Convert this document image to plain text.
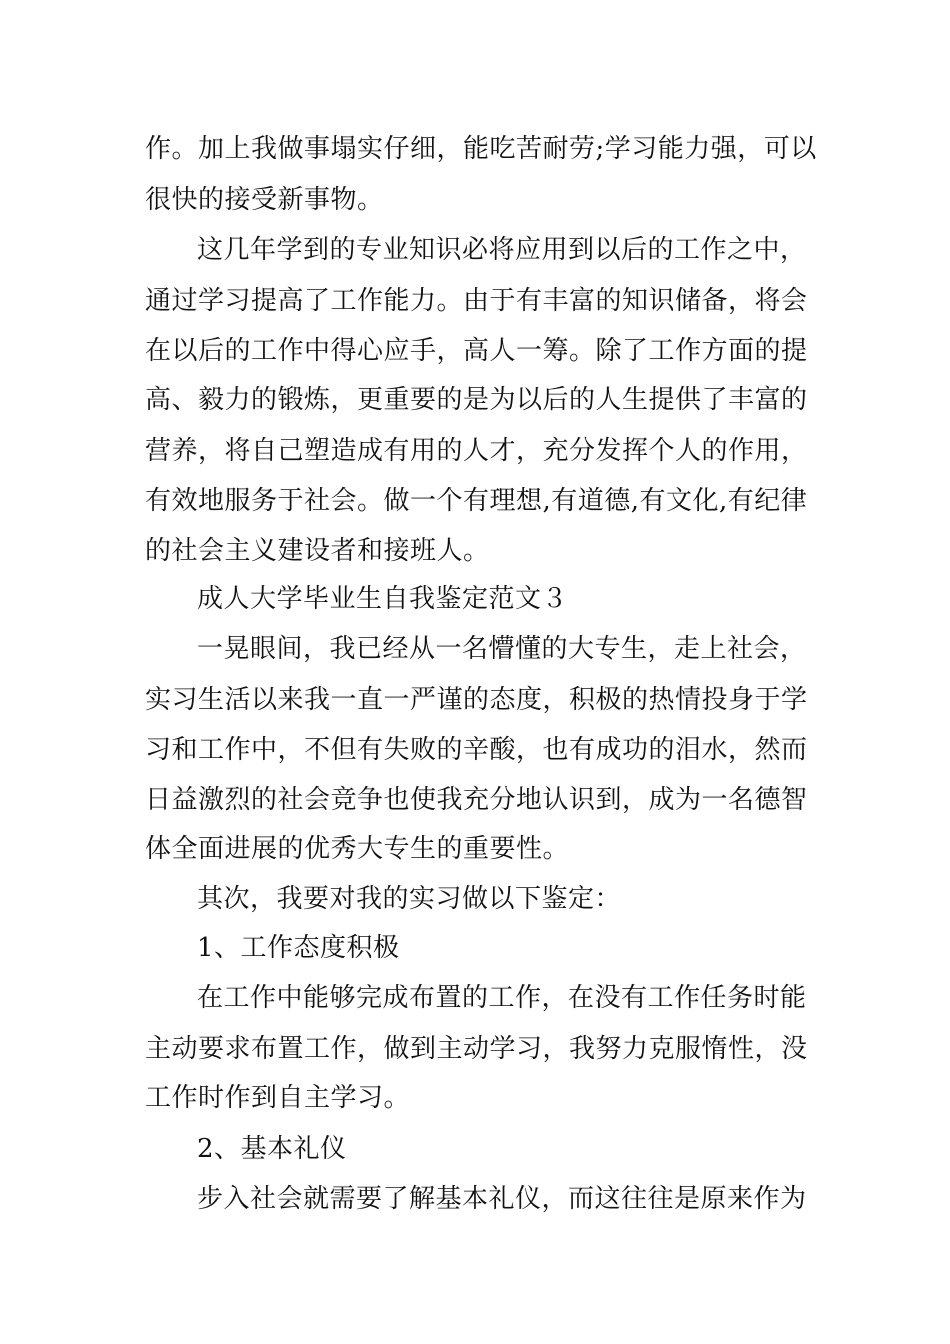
作。加上我做事塌实仔细，能吃苦耐劳;学习能力强，可以
很快的接受新事物。
这几年学到的专业知识必将应用到以后的工作之中，
通过学习提高了工作能力。由于有丰富的知识储备，将会
在以后的工作中得心应手，高人一筹。除了工作方面的提
高、毅力的锻炼，更重要的是为以后的人生提供了丰富的
营养，将自己塑造成有用的人才，充分发挥个人的作用，
有效地服务于社会。做一个有理想,有道德,有文化,有纪律
的社会主义建设者和接班人。
成人大学毕业生自我鉴定范文３
一晃眼间，我已经从一名懵懂的大专生，走上社会，
实习生活以来我一直一严谨的态度，积极的热情投身于学
习和工作中，不但有失败的辛酸，也有成功的泪水，然而
日益激烈的社会竞争也使我充分地认识到，成为一名德智
体全面进展的优秀大专生的重要性。
其次，我要对我的实习做以下鉴定：
1、工作态度积极
在工作中能够完成布置的工作，在没有工作任务时能
主动要求布置工作，做到主动学习，我努力克服惰性，没
工作时作到自主学习。
2、基本礼仪
步入社会就需要了解基本礼仪，而这往往是原来作为
